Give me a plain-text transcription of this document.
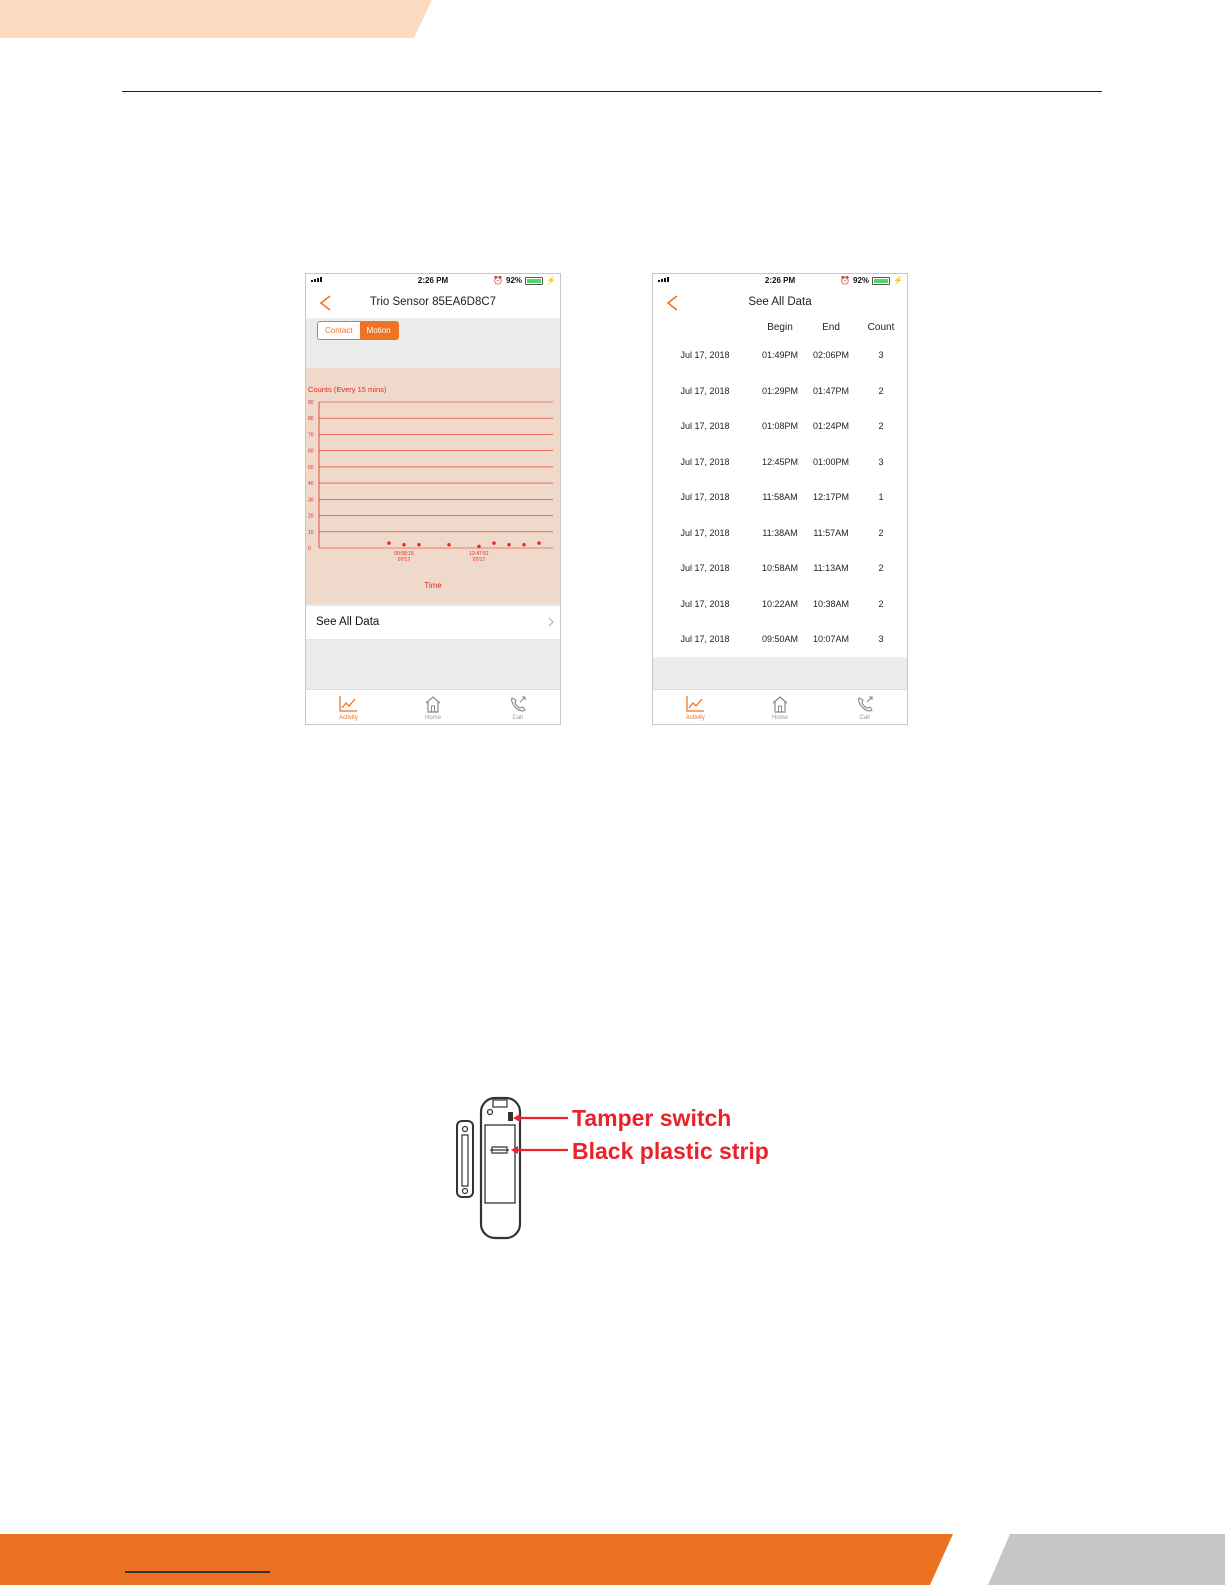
2:26 PM	⏰ 92%	⚡
Trio Sensor 85EA6D8C7
Contact	Motion
Counts (Every 15 mins)
0
10
20
30
40
50
60
70
80
90
09:58:15
07/17
12:47:51
07/17
Time
See All Data
Activity	Home	Call
2:26 PM	⏰ 92%	⚡
See All Data
Begin	End	Count
Jul 17, 2018	01:49PM	02:06PM	3
Jul 17, 2018	01:29PM	01:47PM	2
Jul 17, 2018	01:08PM	01:24PM	2
Jul 17, 2018	12:45PM	01:00PM	3
Jul 17, 2018	11:58AM	12:17PM	1
Jul 17, 2018	11:38AM	11:57AM	2
Jul 17, 2018	10:58AM	11:13AM	2
Jul 17, 2018	10:22AM	10:38AM	2
Jul 17, 2018	09:50AM	10:07AM	3
Activity	Home	Call
Tamper switch
Black plastic strip
